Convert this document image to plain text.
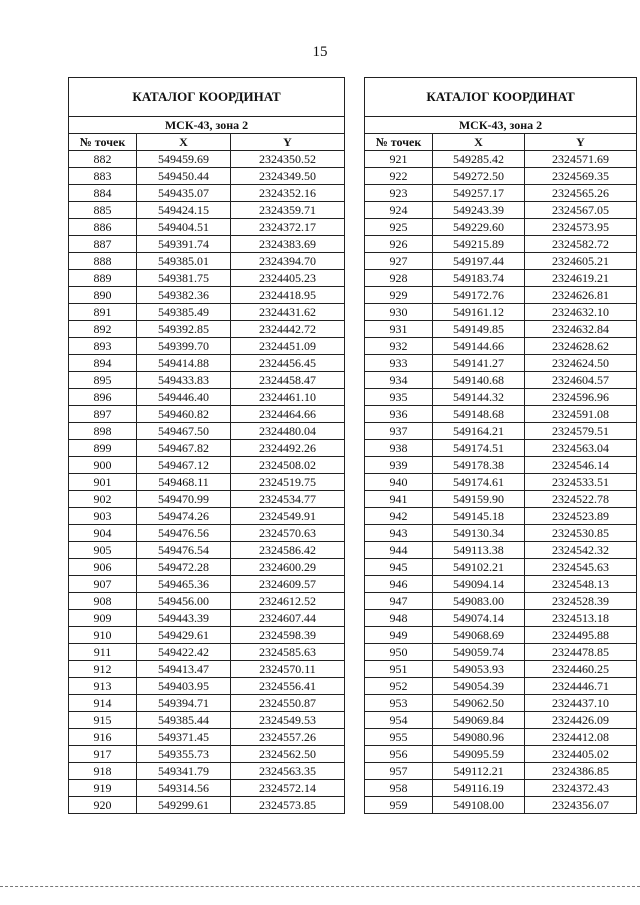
15
КАТАЛОГ КООРДИНАТ		
МСК-43, зона 2		
№ точек	X	Y
882	549459.69	2324350.52
883	549450.44	2324349.50
884	549435.07	2324352.16
885	549424.15	2324359.71
886	549404.51	2324372.17
887	549391.74	2324383.69
888	549385.01	2324394.70
889	549381.75	2324405.23
890	549382.36	2324418.95
891	549385.49	2324431.62
892	549392.85	2324442.72
893	549399.70	2324451.09
894	549414.88	2324456.45
895	549433.83	2324458.47
896	549446.40	2324461.10
897	549460.82	2324464.66
898	549467.50	2324480.04
899	549467.82	2324492.26
900	549467.12	2324508.02
901	549468.11	2324519.75
902	549470.99	2324534.77
903	549474.26	2324549.91
904	549476.56	2324570.63
905	549476.54	2324586.42
906	549472.28	2324600.29
907	549465.36	2324609.57
908	549456.00	2324612.52
909	549443.39	2324607.44
910	549429.61	2324598.39
911	549422.42	2324585.63
912	549413.47	2324570.11
913	549403.95	2324556.41
914	549394.71	2324550.87
915	549385.44	2324549.53
916	549371.45	2324557.26
917	549355.73	2324562.50
918	549341.79	2324563.35
919	549314.56	2324572.14
920	549299.61	2324573.85
КАТАЛОГ КООРДИНАТ		
МСК-43, зона 2		
№ точек	X	Y
921	549285.42	2324571.69
922	549272.50	2324569.35
923	549257.17	2324565.26
924	549243.39	2324567.05
925	549229.60	2324573.95
926	549215.89	2324582.72
927	549197.44	2324605.21
928	549183.74	2324619.21
929	549172.76	2324626.81
930	549161.12	2324632.10
931	549149.85	2324632.84
932	549144.66	2324628.62
933	549141.27	2324624.50
934	549140.68	2324604.57
935	549144.32	2324596.96
936	549148.68	2324591.08
937	549164.21	2324579.51
938	549174.51	2324563.04
939	549178.38	2324546.14
940	549174.61	2324533.51
941	549159.90	2324522.78
942	549145.18	2324523.89
943	549130.34	2324530.85
944	549113.38	2324542.32
945	549102.21	2324545.63
946	549094.14	2324548.13
947	549083.00	2324528.39
948	549074.14	2324513.18
949	549068.69	2324495.88
950	549059.74	2324478.85
951	549053.93	2324460.25
952	549054.39	2324446.71
953	549062.50	2324437.10
954	549069.84	2324426.09
955	549080.96	2324412.08
956	549095.59	2324405.02
957	549112.21	2324386.85
958	549116.19	2324372.43
959	549108.00	2324356.07
